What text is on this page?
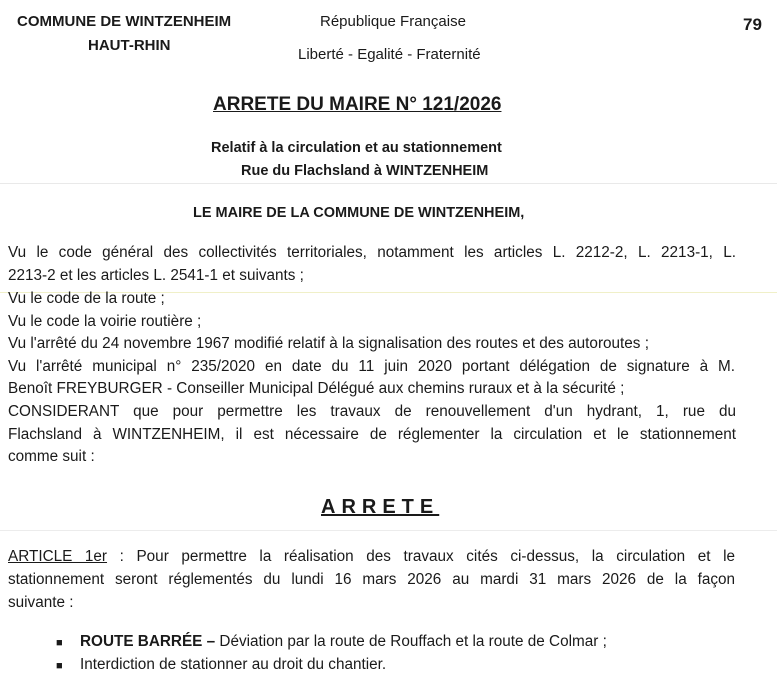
COMMUNE DE WINTZENHEIM
HAUT-RHIN
République Française
Liberté - Egalité - Fraternité
79
ARRETE DU MAIRE N° 121/2026
Relatif à la circulation et au stationnement
Rue du Flachsland à WINTZENHEIM
LE MAIRE DE LA COMMUNE DE WINTZENHEIM,
Vu le code général des collectivités territoriales, notamment les articles L. 2212-2, L. 2213-1, L.
2213-2 et les articles L. 2541-1 et suivants ;
Vu le code de la route ;
Vu le code la voirie routière ;
Vu l'arrêté du 24 novembre 1967 modifié relatif à la signalisation des routes et des autoroutes ;
Vu l'arrêté municipal n° 235/2020 en date du 11 juin 2020 portant délégation de signature à M.
Benoît FREYBURGER - Conseiller Municipal Délégué aux chemins ruraux et à la sécurité ;
CONSIDERANT que pour permettre les travaux de renouvellement d'un hydrant, 1, rue du
Flachsland à WINTZENHEIM, il est nécessaire de réglementer la circulation et le stationnement
comme suit :
ARRETE
ARTICLE 1er : Pour permettre la réalisation des travaux cités ci-dessus, la circulation et le
stationnement seront réglementés du lundi 16 mars 2026 au mardi 31 mars 2026 de la façon
suivante :
■ ROUTE BARRÉE – Déviation par la route de Rouffach et la route de Colmar ;
■ Interdiction de stationner au droit du chantier.
